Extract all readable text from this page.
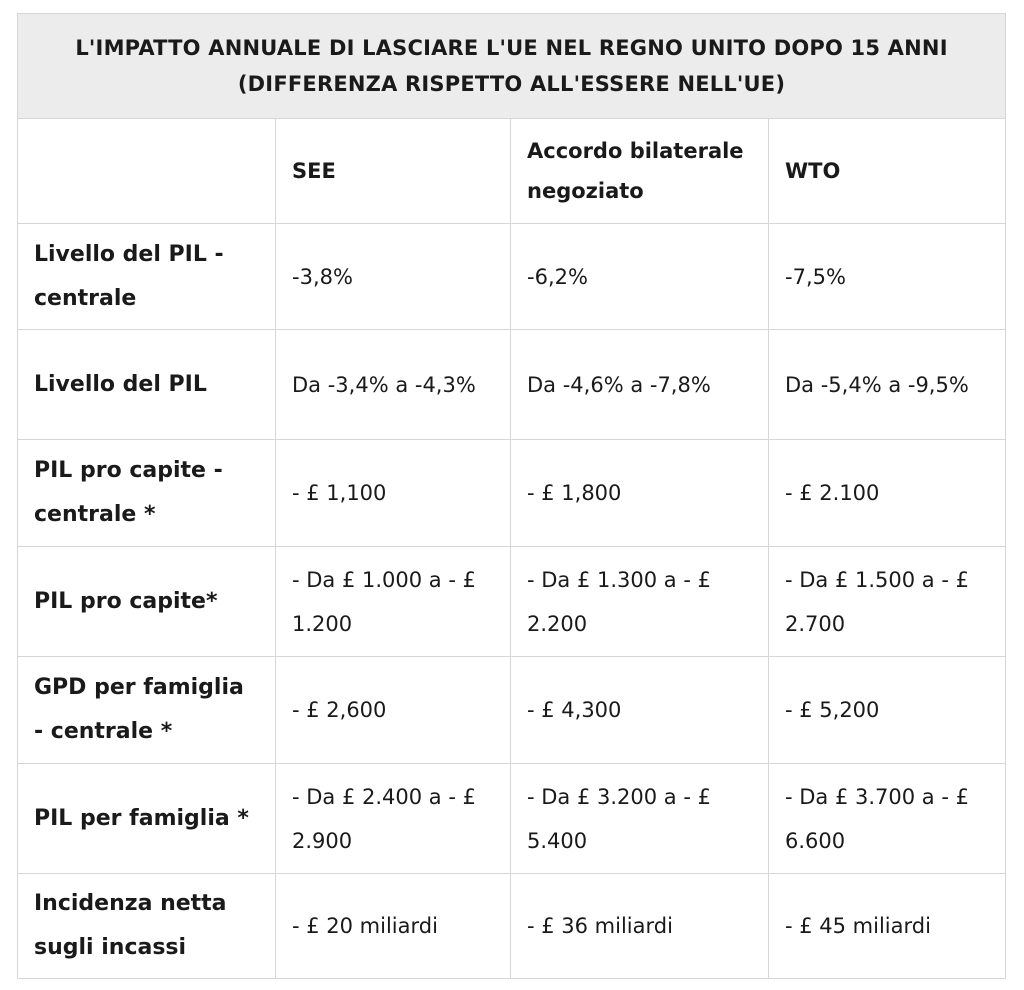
L'IMPATTO ANNUALE DI LASCIARE L'UE NEL REGNO UNITO DOPO 15 ANNI
(DIFFERENZA RISPETTO ALL'ESSERE NELL'UE)			

	SEE	Accordo bilaterale negoziato	WTO
Livello del PIL - centrale	-3,8%	-6,2%	-7,5%
Livello del PIL	Da -3,4% a -4,3%	Da -4,6% a -7,8%	Da -5,4% a -9,5%
PIL pro capite - centrale *	- £ 1,100	- £ 1,800	- £ 2.100
PIL pro capite*	- Da £ 1.000 a - £ 1.200	- Da £ 1.300 a - £ 2.200	- Da £ 1.500 a - £ 2.700
GPD per famiglia - centrale *	- £ 2,600	- £ 4,300	- £ 5,200
PIL per famiglia *	- Da £ 2.400 a - £ 2.900	- Da £ 3.200 a - £ 5.400	- Da £ 3.700 a - £ 6.600
Incidenza netta sugli incassi	- £ 20 miliardi	- £ 36 miliardi	- £ 45 miliardi
